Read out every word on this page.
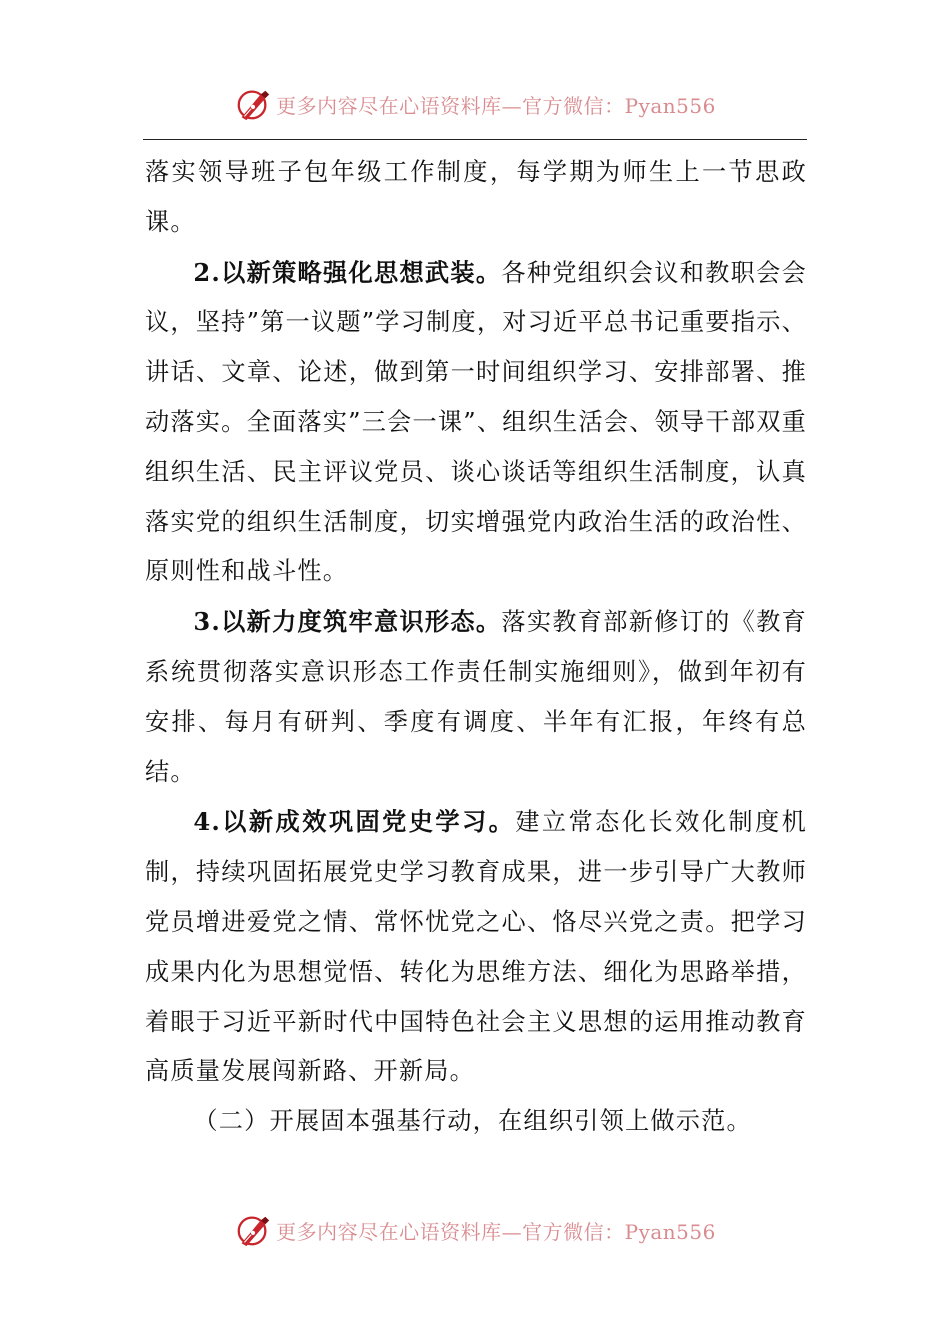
更多内容尽在心语资料库—官方微信：Pyan556

落实领导班子包年级工作制度，每学期为师生上一节思政课。

2.以新策略强化思想武装。各种党组织会议和教职会会议，坚持”第一议题”学习制度，对习近平总书记重要指示、讲话、文章、论述，做到第一时间组织学习、安排部署、推动落实。全面落实”三会一课”、组织生活会、领导干部双重组织生活、民主评议党员、谈心谈话等组织生活制度，认真落实党的组织生活制度，切实增强党内政治生活的政治性、原则性和战斗性。

3.以新力度筑牢意识形态。落实教育部新修订的《教育系统贯彻落实意识形态工作责任制实施细则》，做到年初有安排、每月有研判、季度有调度、半年有汇报，年终有总结。

4.以新成效巩固党史学习。建立常态化长效化制度机制，持续巩固拓展党史学习教育成果，进一步引导广大教师党员增进爱党之情、常怀忧党之心、恪尽兴党之责。把学习成果内化为思想觉悟、转化为思维方法、细化为思路举措，着眼于习近平新时代中国特色社会主义思想的运用推动教育高质量发展闯新路、开新局。

（二）开展固本强基行动，在组织引领上做示范。

更多内容尽在心语资料库—官方微信：Pyan556
